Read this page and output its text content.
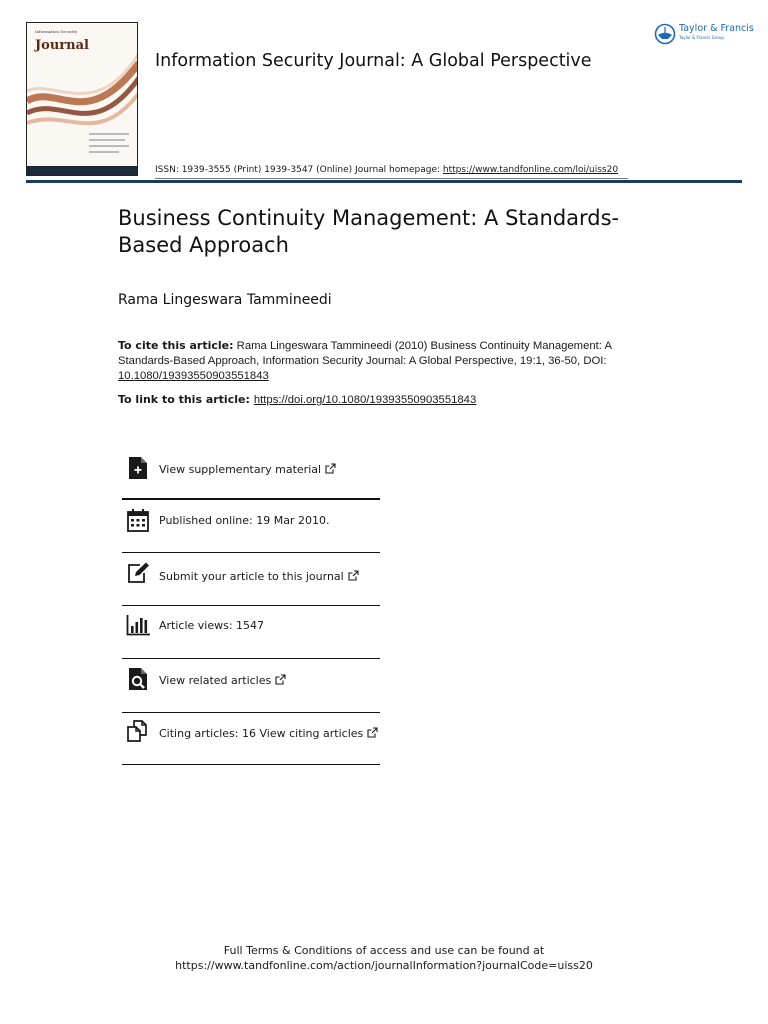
Information Security
Journal
Information Security Journal: A Global Perspective
Taylor & Francis
Taylor & Francis Group
ISSN: 1939-3555 (Print) 1939-3547 (Online) Journal homepage: https://www.tandfonline.com/loi/uiss20
Business Continuity Management: A Standards-Based Approach
Rama Lingeswara Tammineedi
To cite this article: Rama Lingeswara Tammineedi (2010) Business Continuity Management: A Standards-Based Approach, Information Security Journal: A Global Perspective, 19:1, 36-50, DOI: 10.1080/19393550903551843
To link to this article: https://doi.org/10.1080/19393550903551843
View supplementary material
Published online: 19 Mar 2010.
Submit your article to this journal
Article views: 1547
View related articles
Citing articles: 16 View citing articles
Full Terms & Conditions of access and use can be found at
https://www.tandfonline.com/action/journalInformation?journalCode=uiss20
